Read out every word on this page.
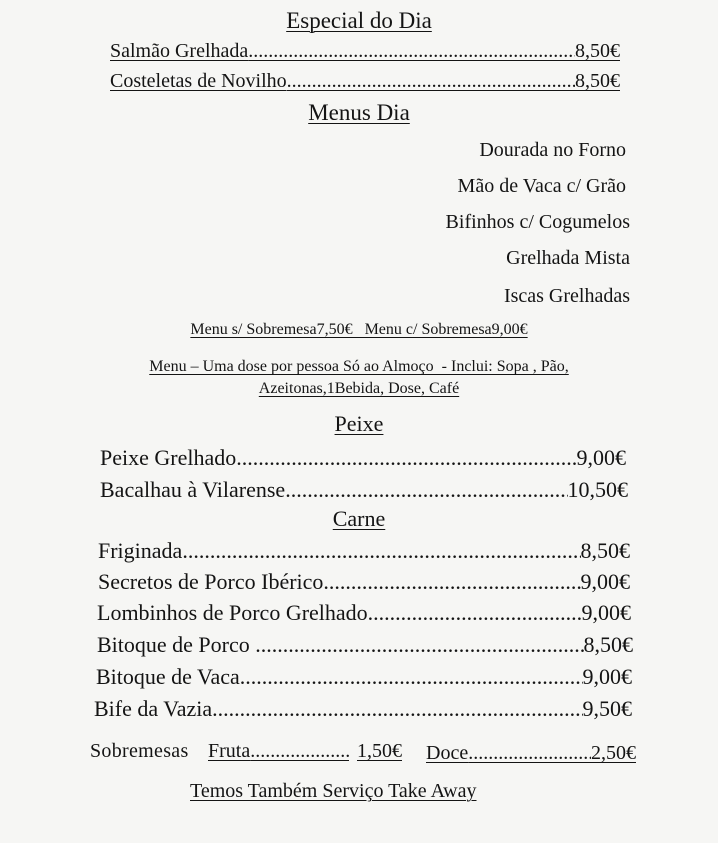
Especial do Dia
Salmão Grelhada .....	8,50€
Costeletas de Novilho .....	8,50€
Menus Dia
Dourada no Forno
Mão de Vaca c/ Grão
Bifinhos c/ Cogumelos
Grelhada Mista
Iscas Grelhadas
Menu s/ Sobremesa7,50€   Menu c/ Sobremesa9,00€
Menu – Uma dose por pessoa Só ao Almoço  - Inclui: Sopa , Pão,
Azeitonas,1Bebida, Dose, Café
Peixe
Peixe Grelhado .....	9,00€
Bacalhau à Vilarense .....	10,50€
Carne
Friginada .....	8,50€
Secretos de Porco Ibérico .....	9,00€
Lombinhos de Porco Grelhado .....	9,00€
Bitoque de Porco .....	8,50€
Bitoque de Vaca .....	9,00€
Bife da Vazia .....	9,50€
Sobremesas Fruta .....	1,50€ Doce .....	2,50€
Temos Também Serviço Take Away
